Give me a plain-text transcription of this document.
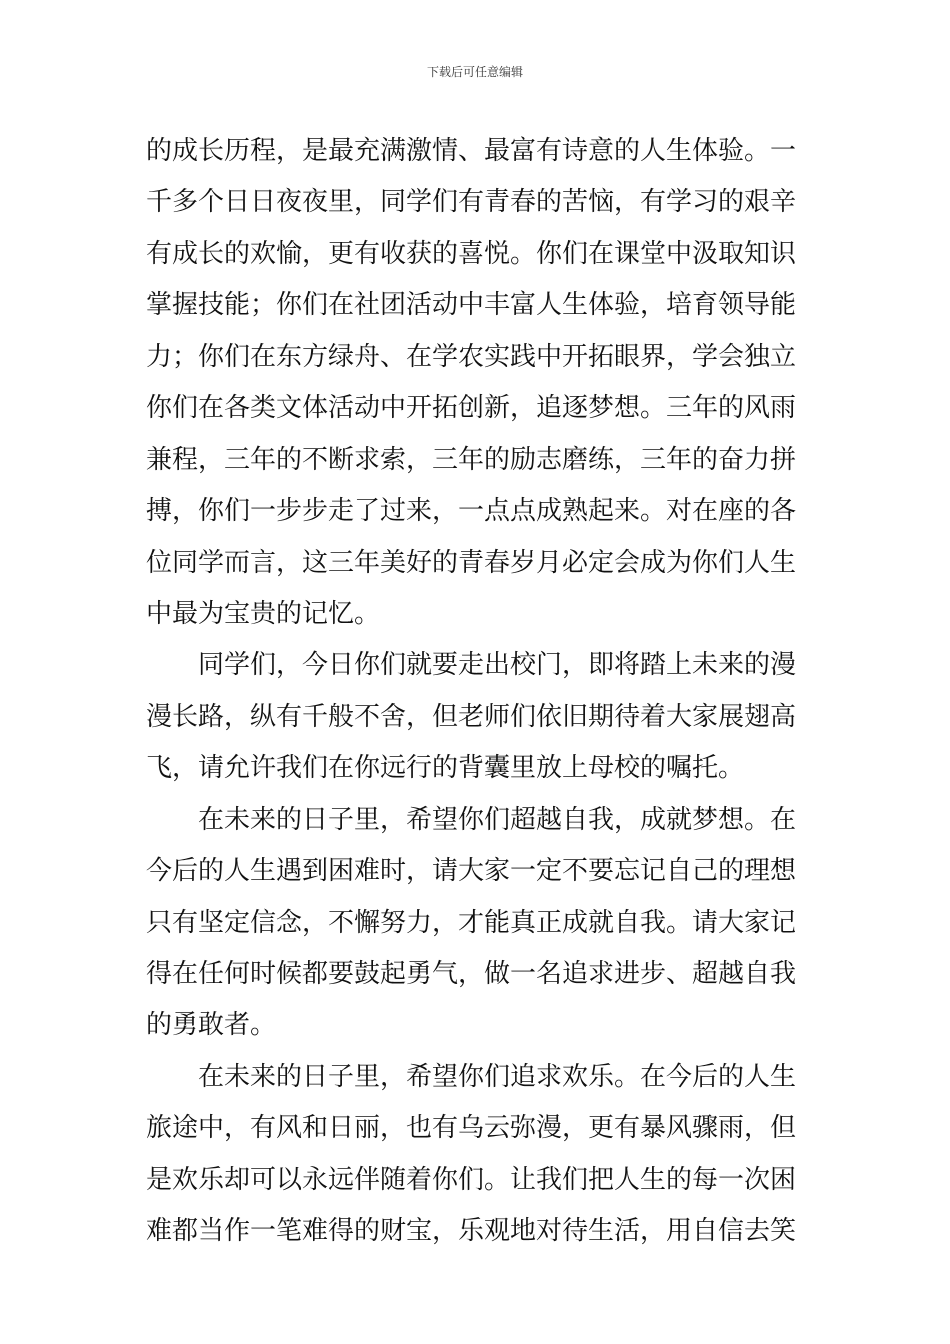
下载后可任意编辑
的成长历程，是最充满激情、最富有诗意的人生体验。一
千多个日日夜夜里，同学们有青春的苦恼，有学习的艰辛
有成长的欢愉，更有收获的喜悦。你们在课堂中汲取知识
掌握技能；你们在社团活动中丰富人生体验，培育领导能
力；你们在东方绿舟、在学农实践中开拓眼界，学会独立
你们在各类文体活动中开拓创新，追逐梦想。三年的风雨
兼程，三年的不断求索，三年的励志磨练，三年的奋力拼
搏，你们一步步走了过来，一点点成熟起来。对在座的各
位同学而言，这三年美好的青春岁月必定会成为你们人生
中最为宝贵的记忆。
同学们，今日你们就要走出校门，即将踏上未来的漫
漫长路，纵有千般不舍，但老师们依旧期待着大家展翅高
飞，请允许我们在你远行的背囊里放上母校的嘱托。
在未来的日子里，希望你们超越自我，成就梦想。在
今后的人生遇到困难时，请大家一定不要忘记自己的理想
只有坚定信念，不懈努力，才能真正成就自我。请大家记
得在任何时候都要鼓起勇气，做一名追求进步、超越自我
的勇敢者。
在未来的日子里，希望你们追求欢乐。在今后的人生
旅途中，有风和日丽，也有乌云弥漫，更有暴风骤雨，但
是欢乐却可以永远伴随着你们。让我们把人生的每一次困
难都当作一笔难得的财宝，乐观地对待生活，用自信去笑
